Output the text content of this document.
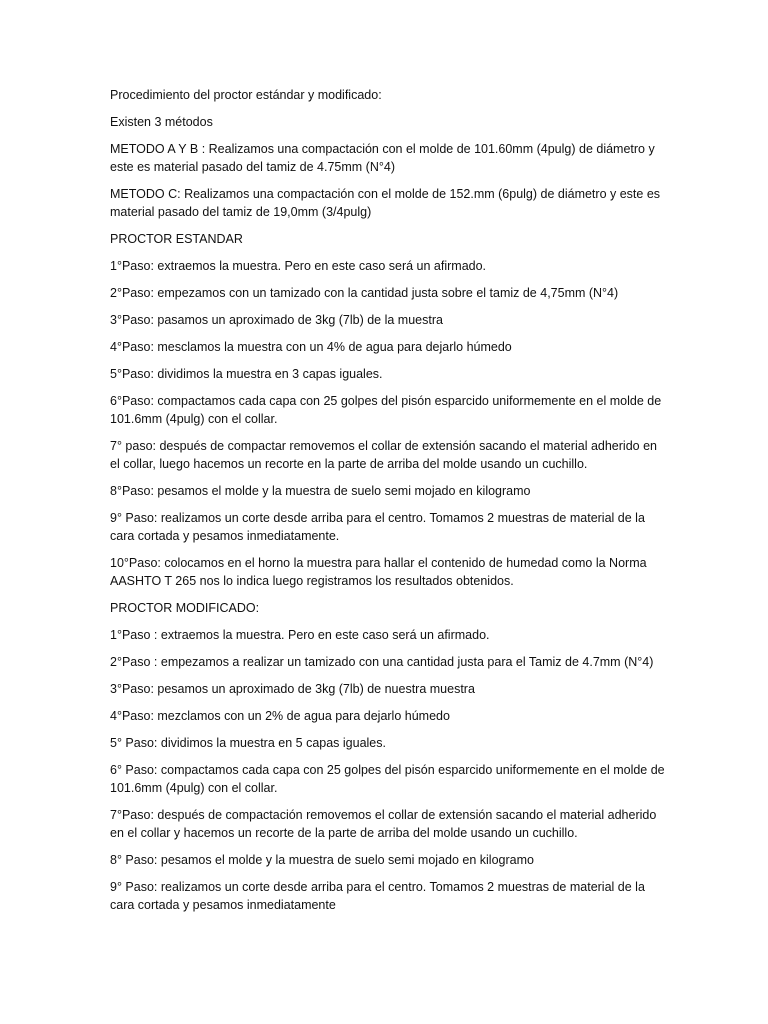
Procedimiento del proctor estándar y modificado:

Existen 3 métodos

METODO A Y B : Realizamos una compactación con el molde de 101.60mm (4pulg) de diámetro y este es material pasado del tamiz de 4.75mm (N°4)

METODO C: Realizamos una compactación con el molde de 152.mm (6pulg) de diámetro y este es material pasado del tamiz de 19,0mm (3/4pulg)

PROCTOR ESTANDAR

1°Paso: extraemos la muestra. Pero en este caso será un afirmado.

2°Paso: empezamos con un tamizado con la cantidad justa sobre el tamiz de 4,75mm (N°4)

3°Paso: pasamos un aproximado de 3kg (7lb) de la muestra

4°Paso: mesclamos la muestra con un 4% de agua para dejarlo húmedo

5°Paso: dividimos la muestra en 3 capas iguales.

6°Paso: compactamos cada capa con 25 golpes del pisón esparcido uniformemente en el molde de 101.6mm (4pulg) con el collar.

7° paso: después de compactar removemos el collar de extensión sacando el material adherido en el collar, luego hacemos un recorte en la parte de arriba del molde usando un cuchillo.

8°Paso: pesamos el molde y la muestra de suelo semi mojado en kilogramo

9° Paso: realizamos un corte desde arriba para el centro. Tomamos 2 muestras de material de la cara cortada y pesamos inmediatamente.

10°Paso: colocamos en el horno la muestra para hallar el contenido de humedad como la Norma AASHTO T 265 nos lo indica luego registramos los resultados obtenidos.

PROCTOR MODIFICADO:

1°Paso : extraemos la muestra. Pero en este caso será un afirmado.

2°Paso : empezamos a realizar un tamizado con una cantidad justa para el Tamiz de 4.7mm (N°4)

3°Paso: pesamos un aproximado de 3kg (7lb) de nuestra muestra

4°Paso: mezclamos con un 2% de agua para dejarlo húmedo

5° Paso: dividimos la muestra en 5 capas iguales.

6° Paso: compactamos cada capa con 25 golpes del pisón esparcido uniformemente en el molde de 101.6mm (4pulg) con el collar.

7°Paso: después de compactación removemos el collar de extensión sacando el material adherido en el collar y hacemos un recorte de la parte de arriba del molde usando un cuchillo.

8° Paso: pesamos el molde y la muestra de suelo semi mojado en kilogramo

9° Paso: realizamos un corte desde arriba para el centro. Tomamos 2 muestras de material de la cara cortada y pesamos inmediatamente
